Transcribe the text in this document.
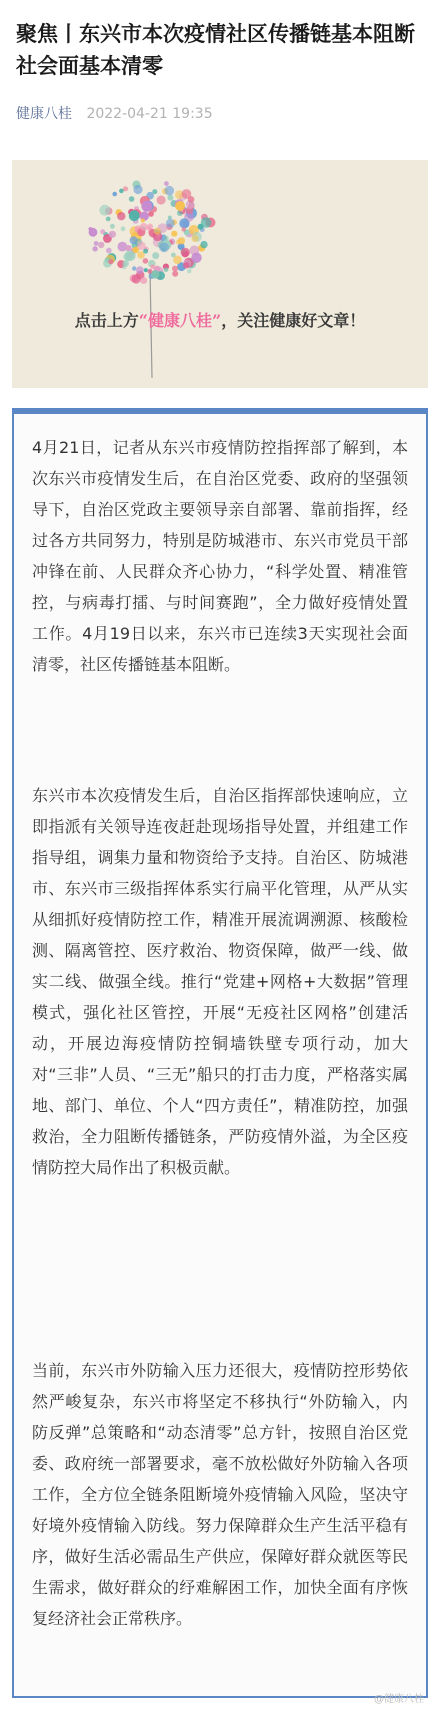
聚焦丨东兴市本次疫情社区传播链基本阻断 社会面基本清零
健康八桂 2022-04-21 19:35
点击上方“健康八桂”，关注健康好文章！

4月21日，记者从东兴市疫情防控指挥部了解到，本次东兴市疫情发生后，在自治区党委、政府的坚强领导下，自治区党政主要领导亲自部署、靠前指挥，经过各方共同努力，特别是防城港市、东兴市党员干部冲锋在前、人民群众齐心协力，“科学处置、精准管控，与病毒打擂、与时间赛跑”，全力做好疫情处置工作。4月19日以来，东兴市已连续3天实现社会面清零，社区传播链基本阻断。

东兴市本次疫情发生后，自治区指挥部快速响应，立即指派有关领导连夜赶赴现场指导处置，并组建工作指导组，调集力量和物资给予支持。自治区、防城港市、东兴市三级指挥体系实行扁平化管理，从严从实从细抓好疫情防控工作，精准开展流调溯源、核酸检测、隔离管控、医疗救治、物资保障，做严一线、做实二线、做强全线。推行“党建+网格+大数据”管理模式，强化社区管控，开展“无疫社区网格”创建活动，开展边海疫情防控铜墙铁壁专项行动，加大对“三非”人员、“三无”船只的打击力度，严格落实属地、部门、单位、个人“四方责任”，精准防控，加强救治，全力阻断传播链条，严防疫情外溢，为全区疫情防控大局作出了积极贡献。

当前，东兴市外防输入压力还很大，疫情防控形势依然严峻复杂，东兴市将坚定不移执行“外防输入，内防反弹”总策略和“动态清零”总方针，按照自治区党委、政府统一部署要求，毫不放松做好外防输入各项工作，全方位全链条阻断境外疫情输入风险，坚决守好境外疫情输入防线。努力保障群众生产生活平稳有序，做好生活必需品生产供应，保障好群众就医等民生需求，做好群众的纾难解困工作，加快全面有序恢复经济社会正常秩序。

@健康八桂
